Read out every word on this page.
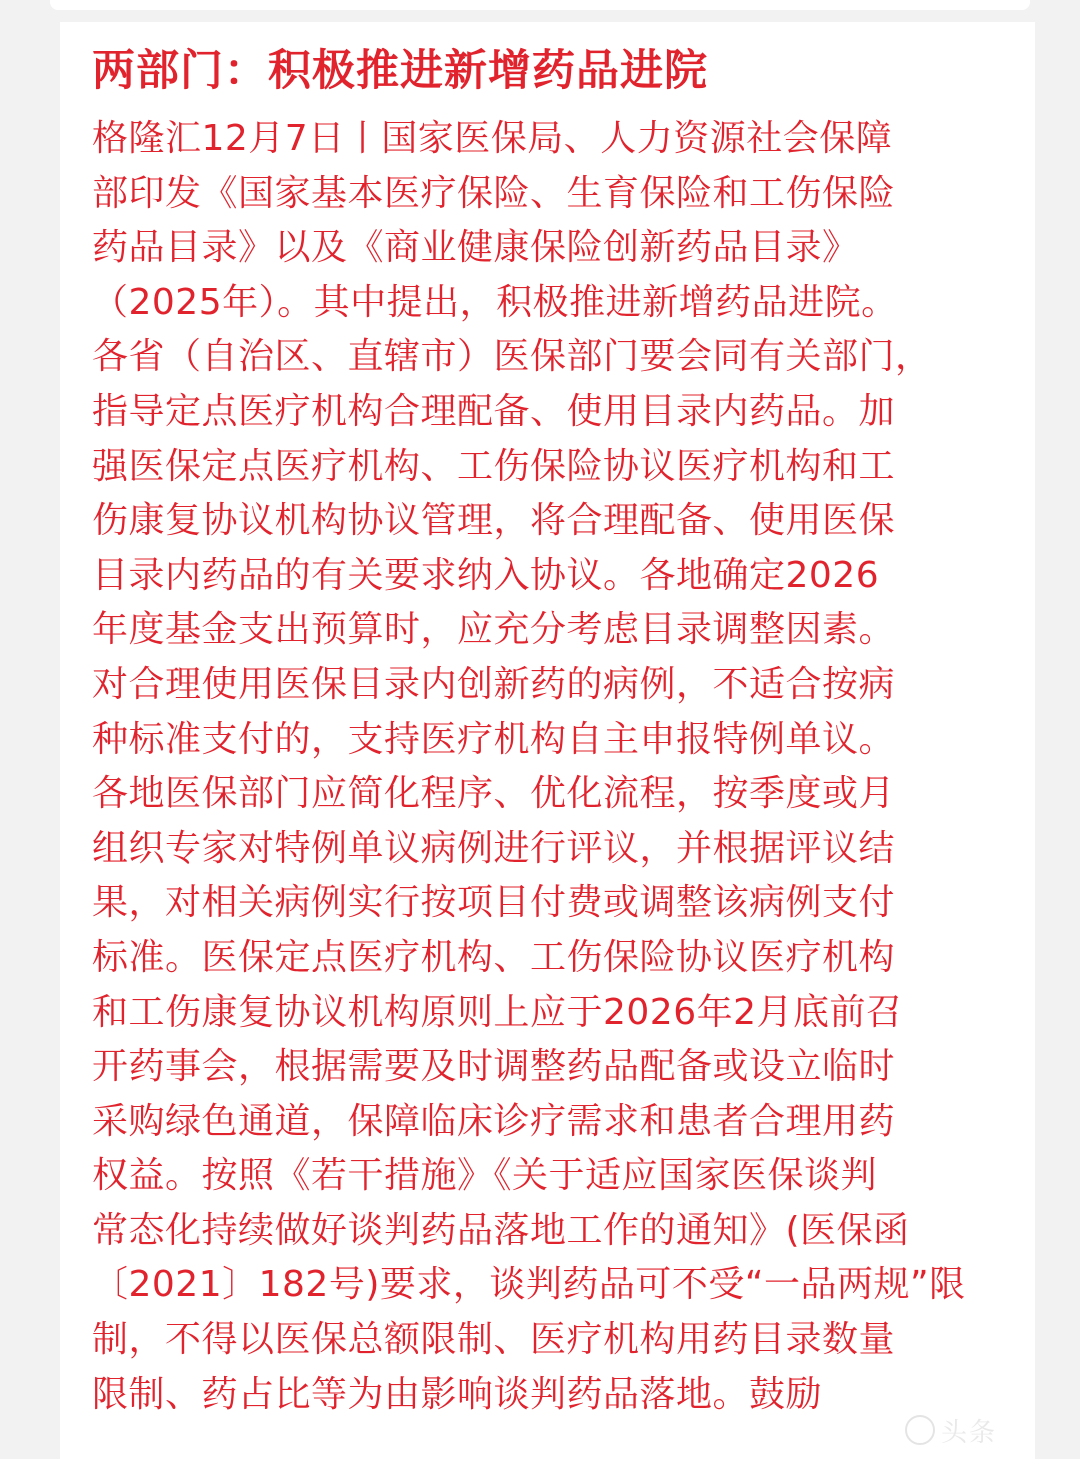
两部门：积极推进新增药品进院
格隆汇12月7日丨国家医保局、人力资源社会保障
部印发《国家基本医疗保险、生育保险和工伤保险
药品目录》以及《商业健康保险创新药品目录》
（2025年）。其中提出，积极推进新增药品进院。
各省（自治区、直辖市）医保部门要会同有关部门，
指导定点医疗机构合理配备、使用目录内药品。加
强医保定点医疗机构、工伤保险协议医疗机构和工
伤康复协议机构协议管理，将合理配备、使用医保
目录内药品的有关要求纳入协议。各地确定2026
年度基金支出预算时，应充分考虑目录调整因素。
对合理使用医保目录内创新药的病例，不适合按病
种标准支付的，支持医疗机构自主申报特例单议。
各地医保部门应简化程序、优化流程，按季度或月
组织专家对特例单议病例进行评议，并根据评议结
果，对相关病例实行按项目付费或调整该病例支付
标准。医保定点医疗机构、工伤保险协议医疗机构
和工伤康复协议机构原则上应于2026年2月底前召
开药事会，根据需要及时调整药品配备或设立临时
采购绿色通道，保障临床诊疗需求和患者合理用药
权益。按照《若干措施》《关于适应国家医保谈判
常态化持续做好谈判药品落地工作的通知》(医保函
〔2021〕182号)要求，谈判药品可不受“一品两规”限
制，不得以医保总额限制、医疗机构用药目录数量
限制、药占比等为由影响谈判药品落地。鼓励
头条
